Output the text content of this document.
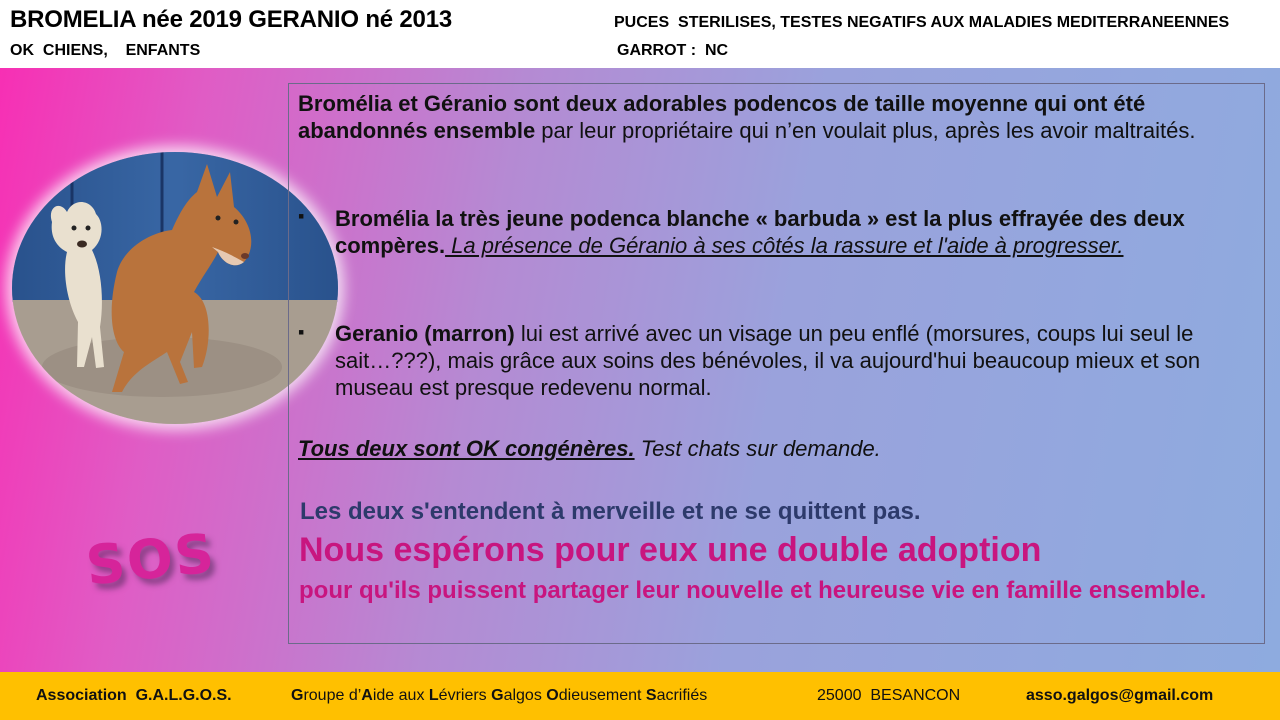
BROMELIA née 2019 GERANIO né 2013
OK  CHIENS,    ENFANTS
PUCES  STERILISES, TESTES NEGATIFS AUX MALADIES MEDITERRANEENNES
GARROT :  NC
SOS
Bromélia et Géranio sont deux adorables podencos de taille moyenne qui ont été abandonnés ensemble par leur propriétaire qui n’en voulait plus, après les avoir maltraités.
▪ Bromélia la très jeune podenca blanche « barbuda » est la plus effrayée des deux compères. La présence de Géranio à ses côtés la rassure et l'aide à progresser.
▪ Geranio (marron) lui est arrivé avec un visage un peu enflé (morsures, coups lui seul le sait…???), mais grâce aux soins des bénévoles, il va aujourd'hui beaucoup mieux et son museau est presque redevenu normal.
Tous deux sont OK congénères. Test chats sur demande.
Les deux s'entendent à merveille et ne se quittent pas.
Nous espérons pour eux une double adoption
pour qu'ils puissent partager leur nouvelle et heureuse vie en famille ensemble.
Association  G.A.L.G.O.S.	Groupe d’Aide aux Lévriers Galgos Odieusement Sacrifiés	25000  BESANCON	asso.galgos@gmail.com
